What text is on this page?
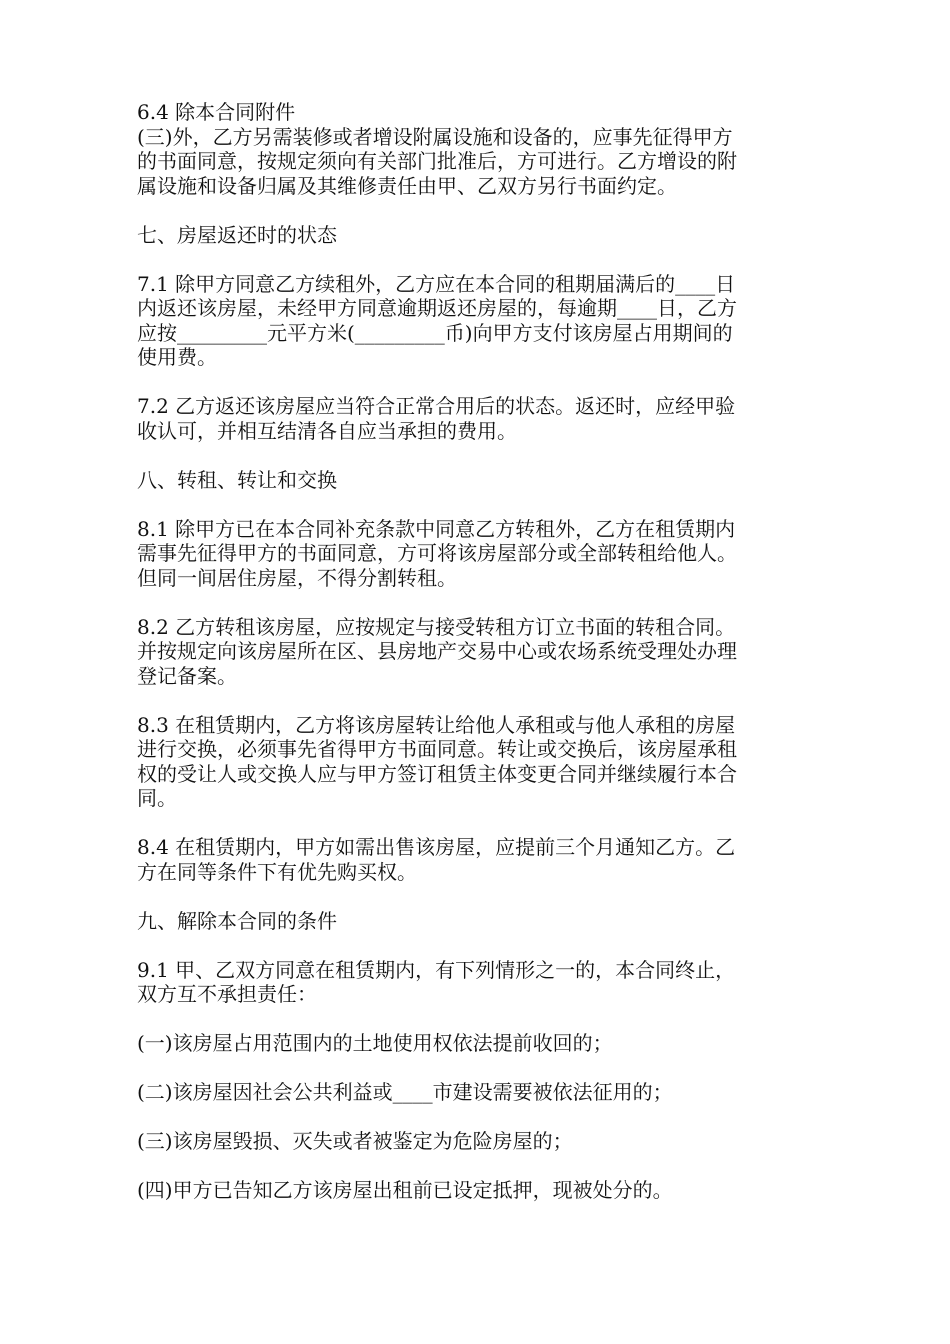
6.4 除本合同附件
(三)外，乙方另需装修或者增设附属设施和设备的，应事先征得甲方
的书面同意，按规定须向有关部门批准后，方可进行。乙方增设的附
属设施和设备归属及其维修责任由甲、乙双方另行书面约定。
七、房屋返还时的状态
7.1 除甲方同意乙方续租外，乙方应在本合同的租期届满后的____日
内返还该房屋，未经甲方同意逾期返还房屋的，每逾期____日，乙方
应按_________元平方米(_________币)向甲方支付该房屋占用期间的
使用费。
7.2 乙方返还该房屋应当符合正常合用后的状态。返还时，应经甲验
收认可，并相互结清各自应当承担的费用。
八、转租、转让和交换
8.1 除甲方已在本合同补充条款中同意乙方转租外，乙方在租赁期内
需事先征得甲方的书面同意，方可将该房屋部分或全部转租给他人。
但同一间居住房屋，不得分割转租。
8.2 乙方转租该房屋，应按规定与接受转租方订立书面的转租合同。
并按规定向该房屋所在区、县房地产交易中心或农场系统受理处办理
登记备案。
8.3 在租赁期内，乙方将该房屋转让给他人承租或与他人承租的房屋
进行交换，必须事先省得甲方书面同意。转让或交换后，该房屋承租
权的受让人或交换人应与甲方签订租赁主体变更合同并继续履行本合
同。
8.4 在租赁期内，甲方如需出售该房屋，应提前三个月通知乙方。乙
方在同等条件下有优先购买权。
九、解除本合同的条件
9.1 甲、乙双方同意在租赁期内，有下列情形之一的，本合同终止，
双方互不承担责任：
(一)该房屋占用范围内的土地使用权依法提前收回的；
(二)该房屋因社会公共利益或____市建设需要被依法征用的；
(三)该房屋毁损、灭失或者被鉴定为危险房屋的；
(四)甲方已告知乙方该房屋出租前已设定抵押，现被处分的。
